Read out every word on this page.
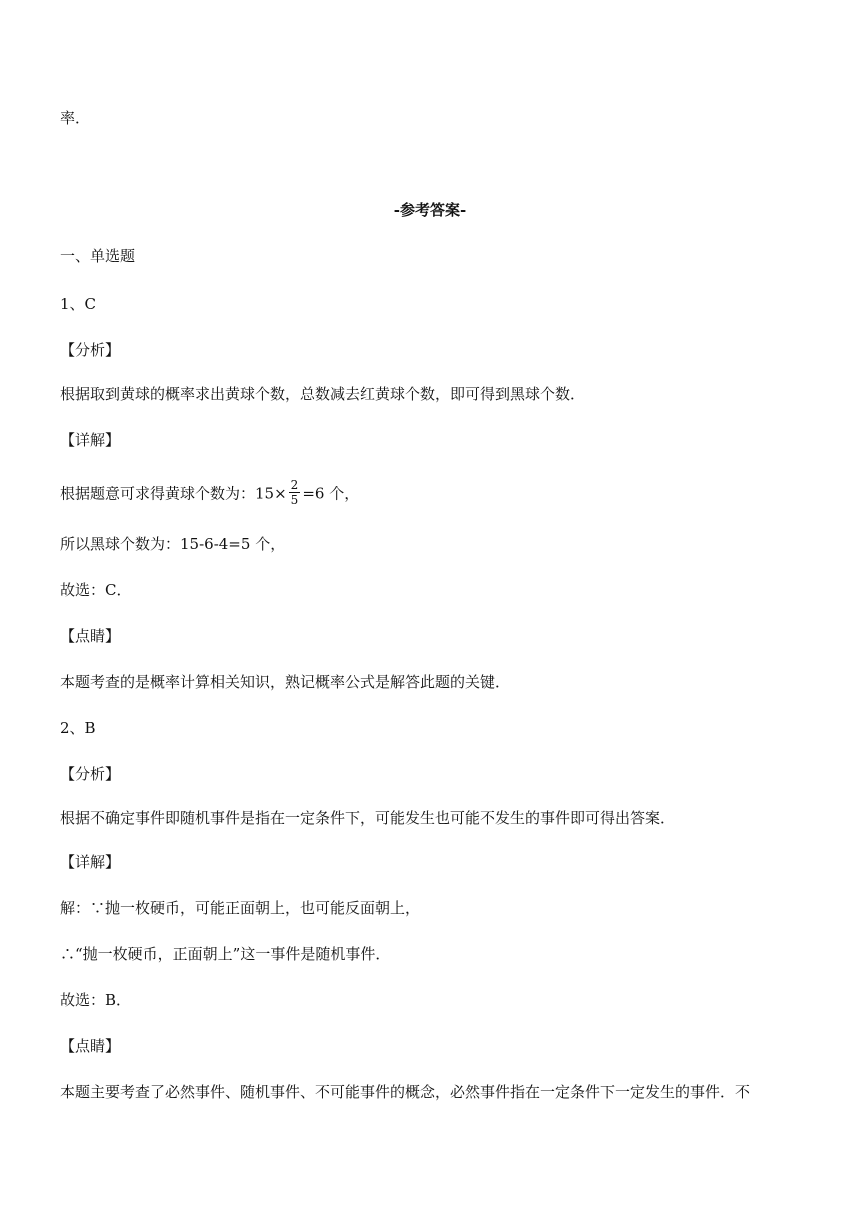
率．
-参考答案-
一、单选题
1、C
【分析】
根据取到黄球的概率求出黄球个数，总数减去红黄球个数，即可得到黑球个数．
【详解】
根据题意可求得黄球个数为：$15\times \frac{2}{5} =6$ 个，
所以黑球个数为：15-6-4=5 个，
故选：C．
【点睛】
本题考查的是概率计算相关知识，熟记概率公式是解答此题的关键．
2、B
【分析】
根据不确定事件即随机事件是指在一定条件下，可能发生也可能不发生的事件即可得出答案．
【详解】
解：∵抛一枚硬币，可能正面朝上，也可能反面朝上，
∴“抛一枚硬币，正面朝上”这一事件是随机事件．
故选：B．
【点睛】
本题主要考查了必然事件、随机事件、不可能事件的概念，必然事件指在一定条件下一定发生的事件．不
